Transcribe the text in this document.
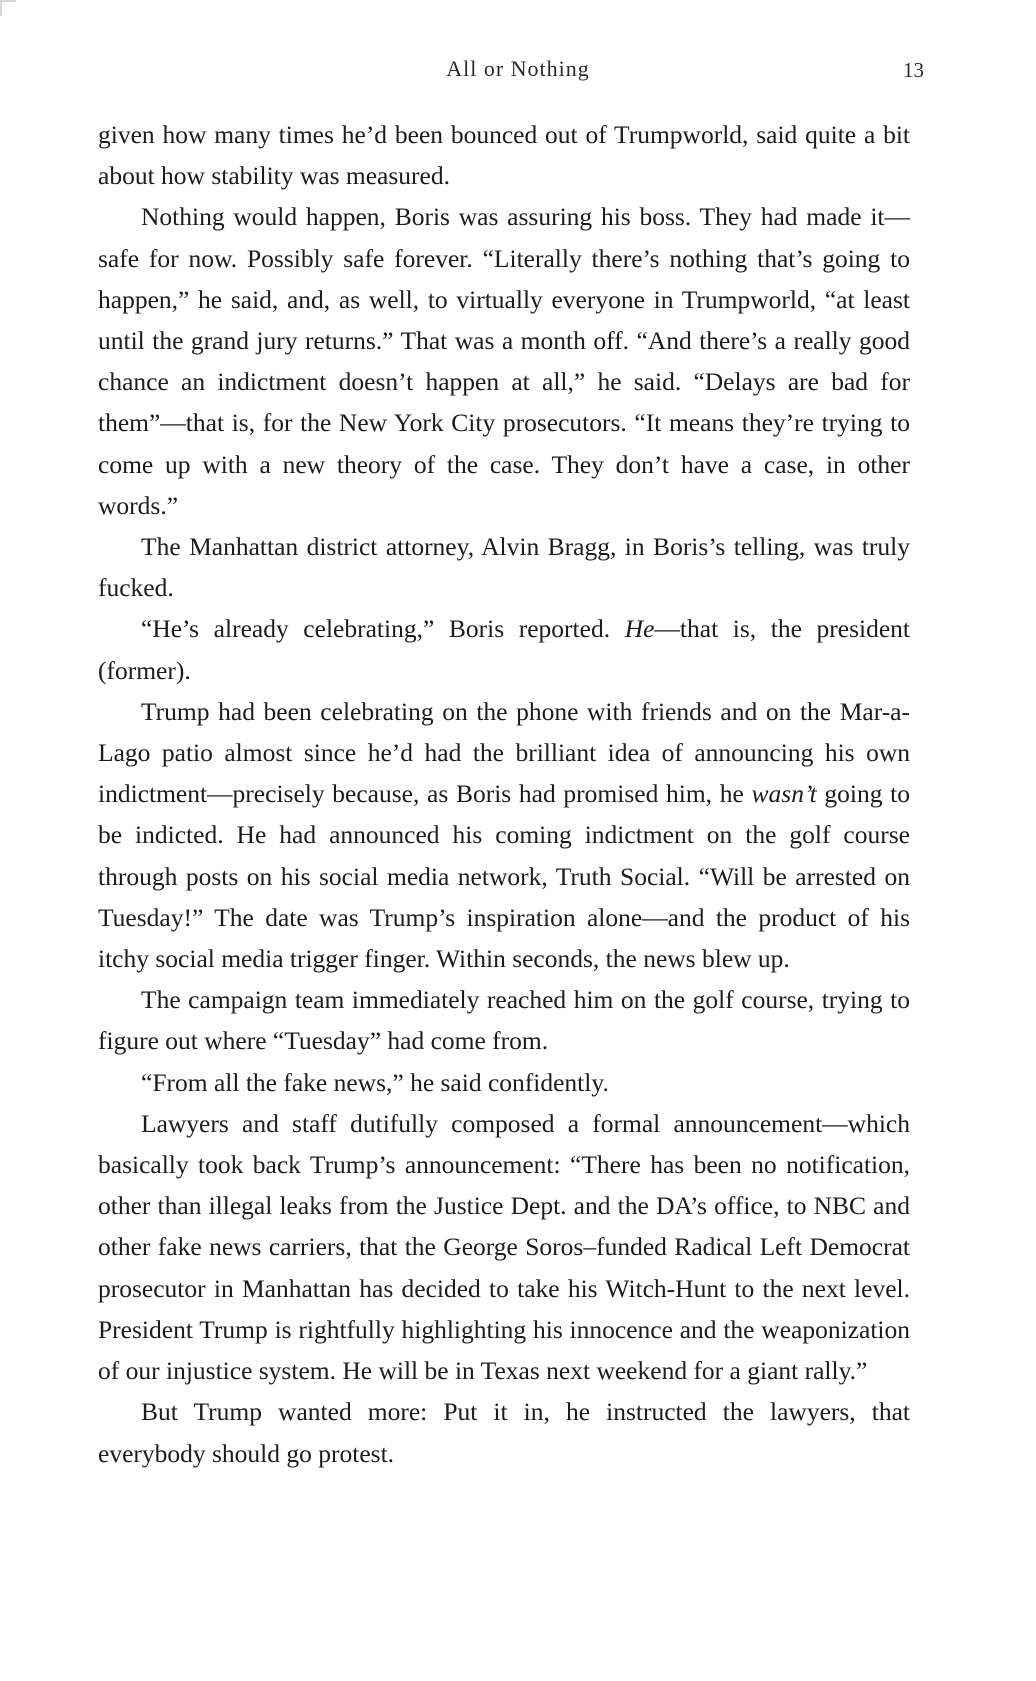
All or Nothing	13

given how many times he’d been bounced out of Trumpworld, said quite a bit about how stability was measured.

Nothing would happen, Boris was assuring his boss. They had made it—safe for now. Possibly safe forever. “Literally there’s nothing that’s going to happen,” he said, and, as well, to virtually everyone in Trumpworld, “at least until the grand jury returns.” That was a month off. “And there’s a really good chance an indictment doesn’t happen at all,” he said. “Delays are bad for them”—that is, for the New York City prosecutors. “It means they’re trying to come up with a new theory of the case. They don’t have a case, in other words.”

The Manhattan district attorney, Alvin Bragg, in Boris’s telling, was truly fucked.

“He’s already celebrating,” Boris reported. He—that is, the president (former).

Trump had been celebrating on the phone with friends and on the Mar-a-Lago patio almost since he’d had the brilliant idea of announcing his own indictment—precisely because, as Boris had promised him, he wasn’t going to be indicted. He had announced his coming indictment on the golf course through posts on his social media network, Truth Social. “Will be arrested on Tuesday!” The date was Trump’s inspiration alone—and the product of his itchy social media trigger finger. Within seconds, the news blew up.

The campaign team immediately reached him on the golf course, trying to figure out where “Tuesday” had come from.

“From all the fake news,” he said confidently.

Lawyers and staff dutifully composed a formal announcement—which basically took back Trump’s announcement: “There has been no notification, other than illegal leaks from the Justice Dept. and the DA’s office, to NBC and other fake news carriers, that the George Soros–funded Radical Left Democrat prosecutor in Manhattan has decided to take his Witch-Hunt to the next level. President Trump is rightfully highlighting his innocence and the weaponization of our injustice system. He will be in Texas next weekend for a giant rally.”

But Trump wanted more: Put it in, he instructed the lawyers, that everybody should go protest.
